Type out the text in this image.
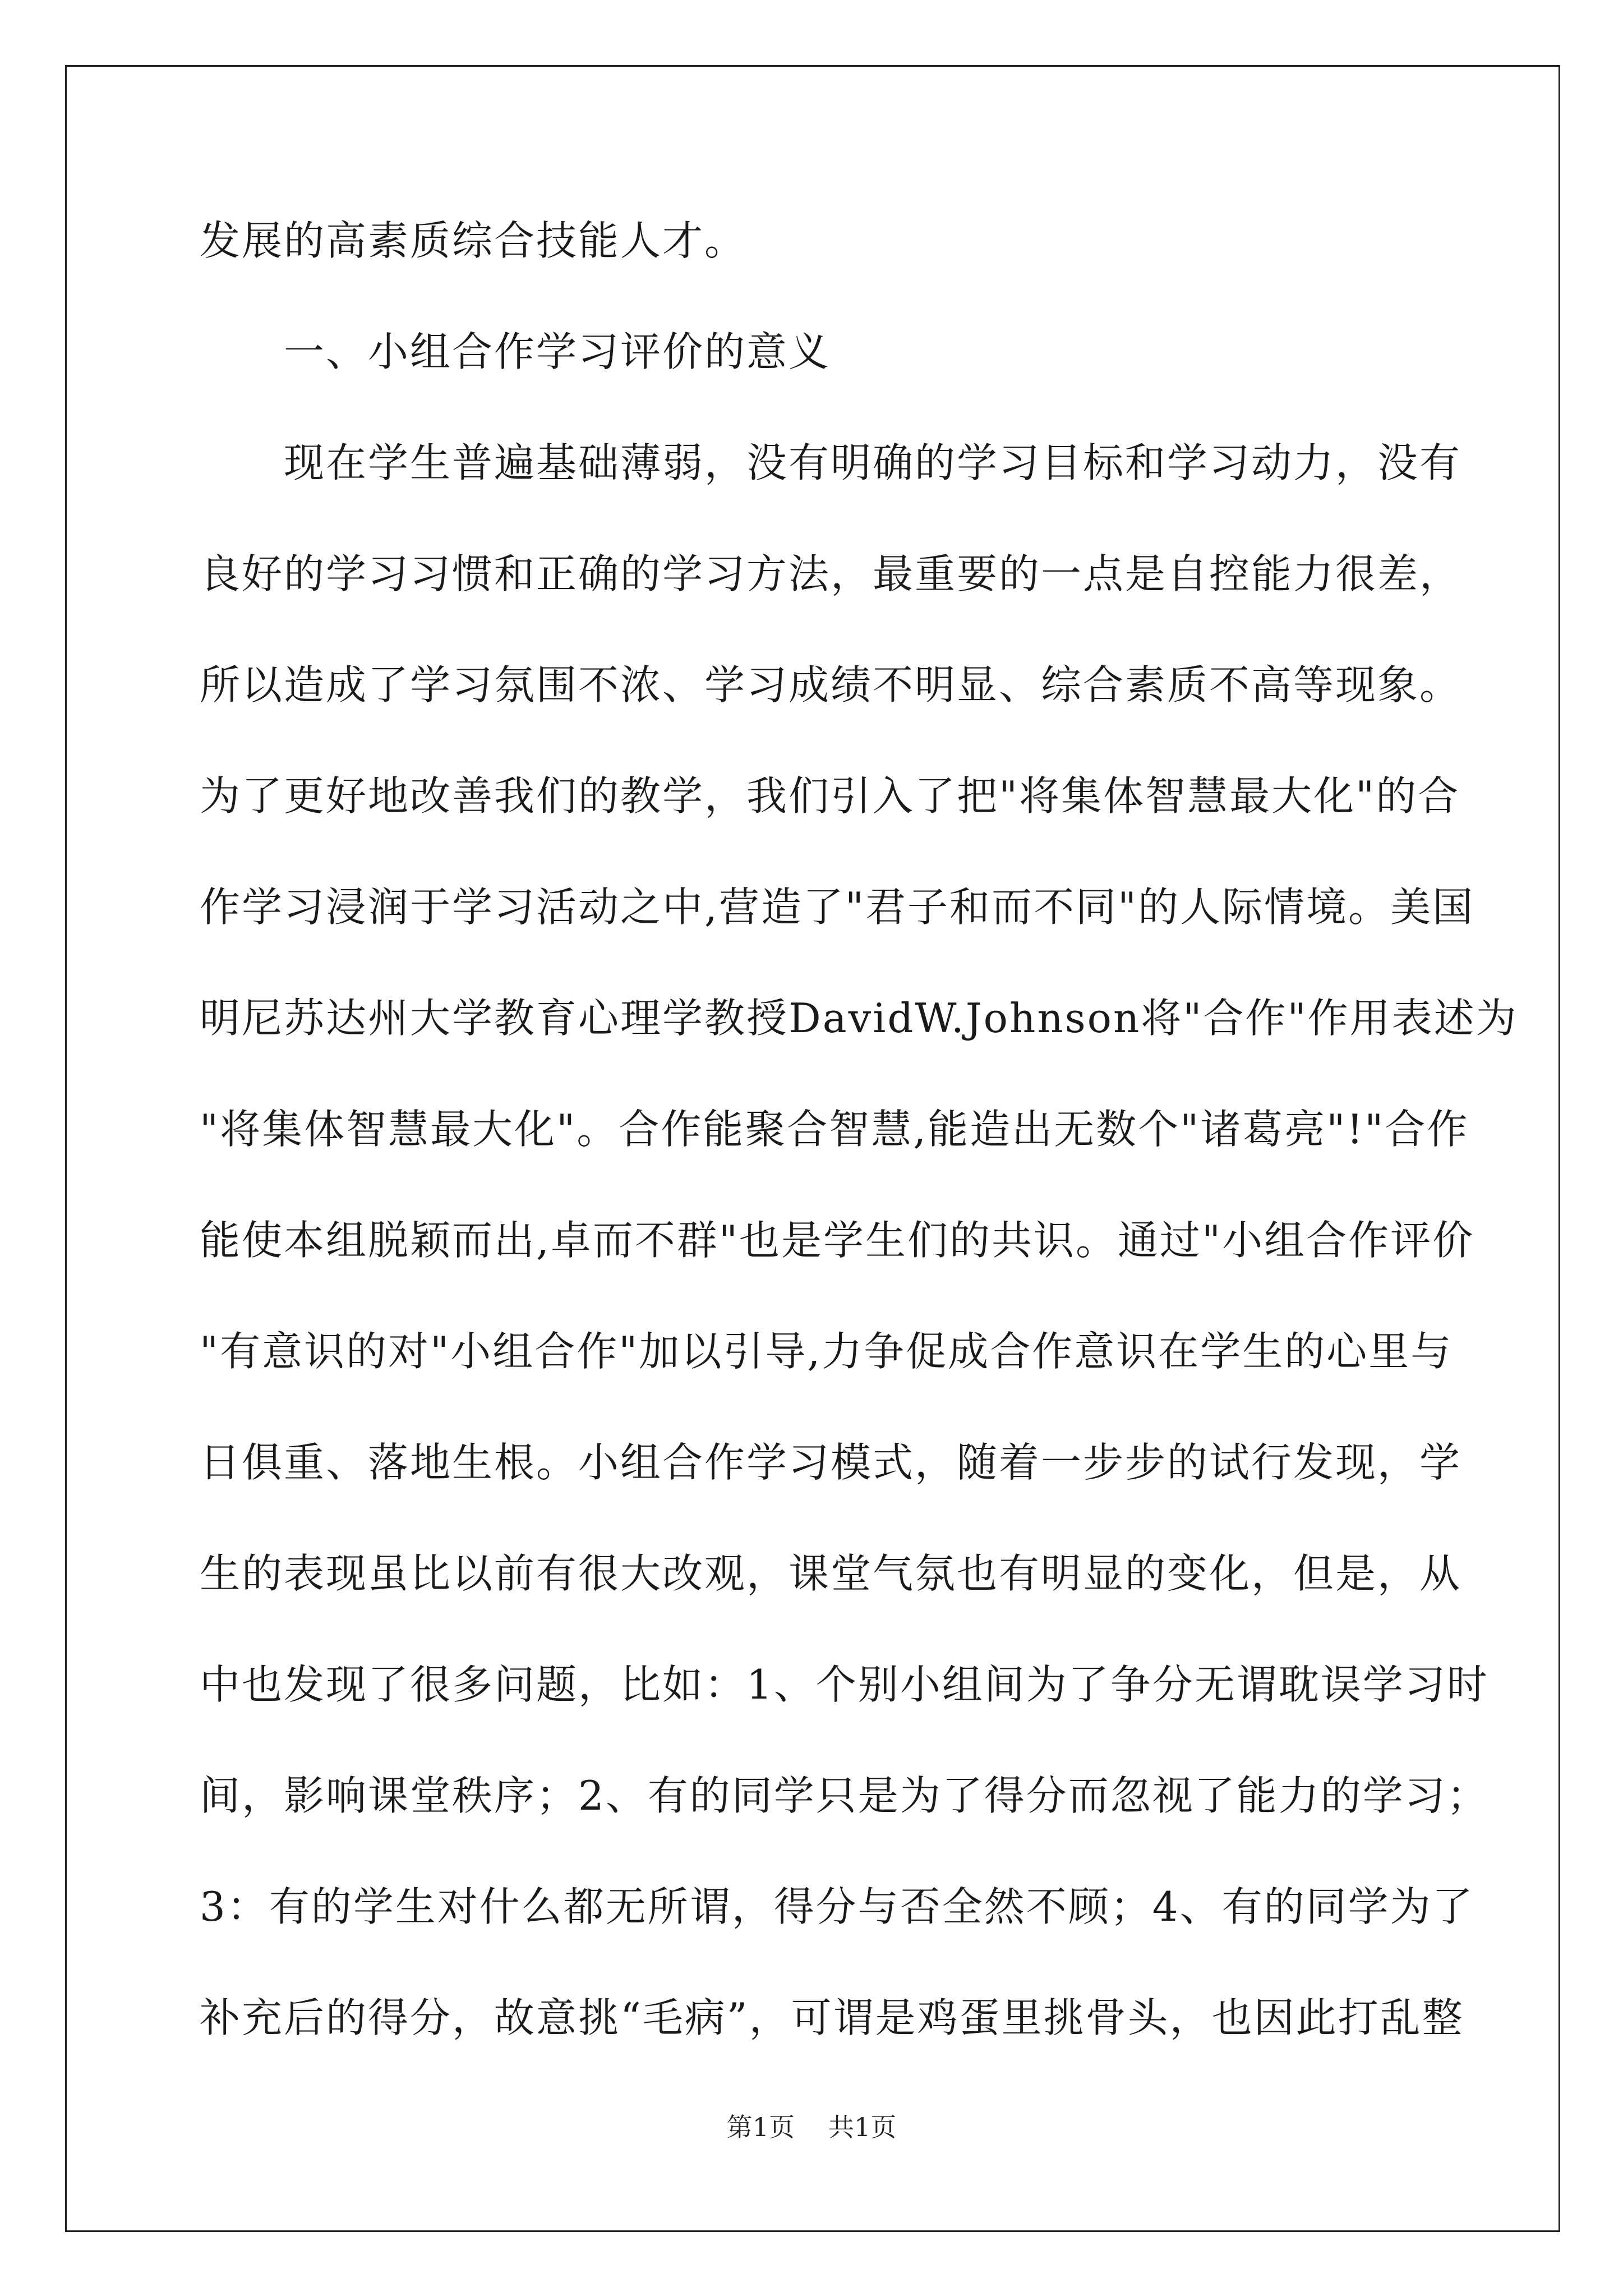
发展的高素质综合技能人才。
一、小组合作学习评价的意义
现在学生普遍基础薄弱，没有明确的学习目标和学习动力，没有
良好的学习习惯和正确的学习方法，最重要的一点是自控能力很差，
所以造成了学习氛围不浓、学习成绩不明显、综合素质不高等现象。
为了更好地改善我们的教学，我们引入了把"将集体智慧最大化"的合
作学习浸润于学习活动之中,营造了"君子和而不同"的人际情境。美国
明尼苏达州大学教育心理学教授DavidW.Johnson将"合作"作用表述为
"将集体智慧最大化"。合作能聚合智慧,能造出无数个"诸葛亮"!"合作
能使本组脱颖而出,卓而不群"也是学生们的共识。通过"小组合作评价
"有意识的对"小组合作"加以引导,力争促成合作意识在学生的心里与
日俱重、落地生根。小组合作学习模式，随着一步步的试行发现，学
生的表现虽比以前有很大改观，课堂气氛也有明显的变化，但是，从
中也发现了很多问题，比如：1、个别小组间为了争分无谓耽误学习时
间，影响课堂秩序；2、有的同学只是为了得分而忽视了能力的学习；
3：有的学生对什么都无所谓，得分与否全然不顾；4、有的同学为了
补充后的得分，故意挑“毛病”，可谓是鸡蛋里挑骨头，也因此打乱整
第1页 共1页
